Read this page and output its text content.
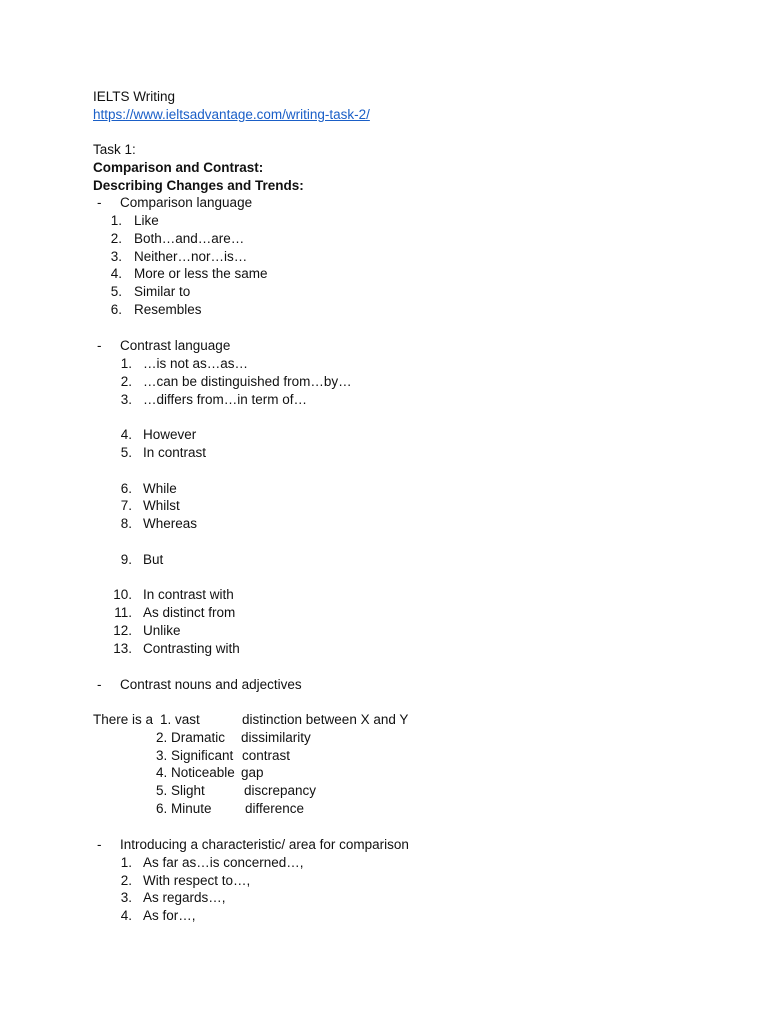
IELTS Writing
https://www.ieltsadvantage.com/writing-task-2/
Task 1:
Comparison and Contrast:
Describing Changes and Trends:
- Comparison language
1. Like
2. Both…and…are…
3. Neither…nor…is…
4. More or less the same
5. Similar to
6. Resembles
- Contrast language
1. …is not as…as…
2. …can be distinguished from…by…
3. …differs from…in term of…
4. However
5. In contrast
6. While
7. Whilst
8. Whereas
9. But
10. In contrast with
11. As distinct from
12. Unlike
13. Contrasting with
- Contrast nouns and adjectives
There is a 1. vast	distinction between X and Y
2. Dramatic dissimilarity
3. Significant contrast
4. Noticeable gap
5. Slight	discrepancy
6. Minute difference
- Introducing a characteristic/ area for comparison
1. As far as…is concerned…,
2. With respect to…,
3. As regards…,
4. As for…,
